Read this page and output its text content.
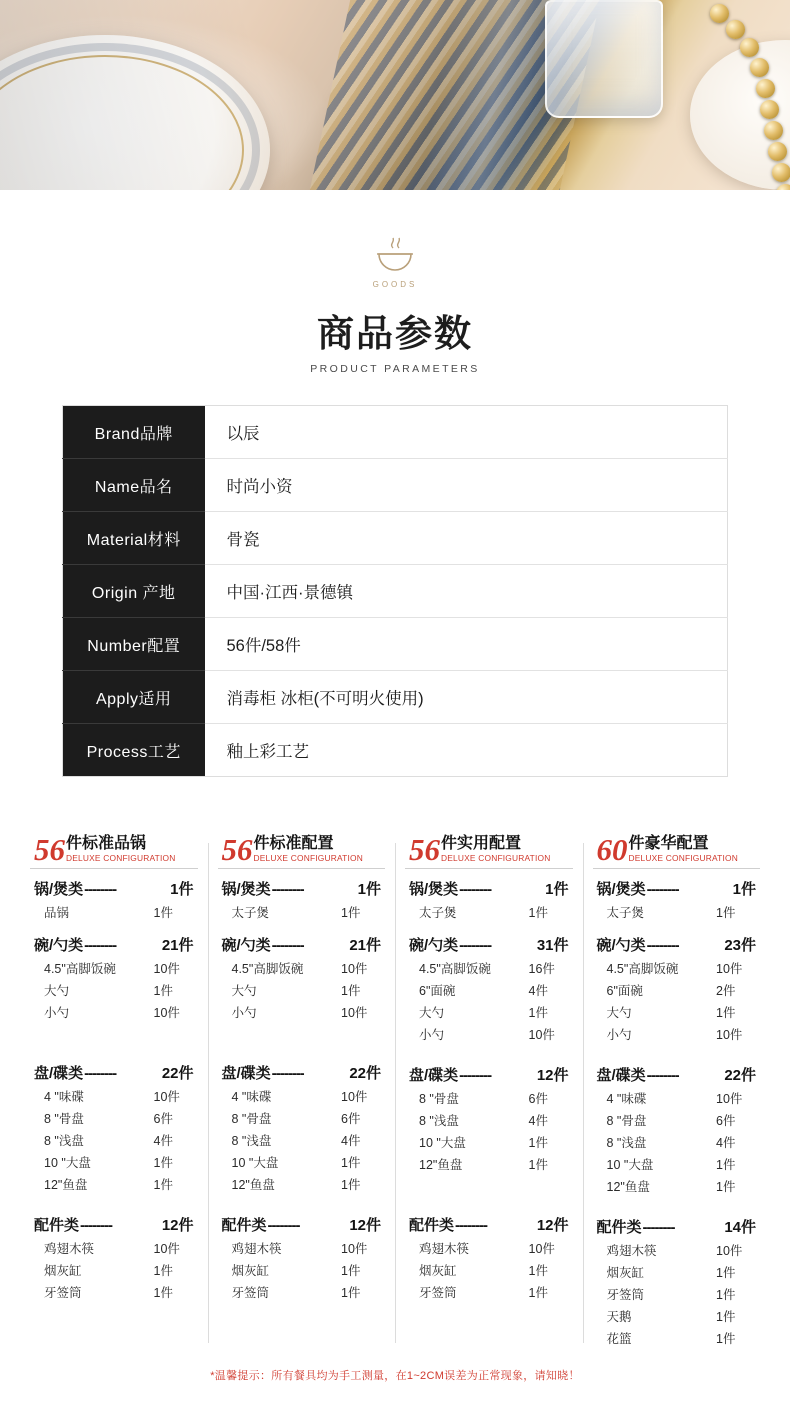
GOODS
商品参数
PRODUCT PARAMETERS
Brand品牌	以辰
Name品名	时尚小资
Material材料	骨瓷
Origin 产地	中国·江西·景德镇
Number配置	56件/58件
Apply适用	消毒柜 冰柜(不可明火使用)
Process工艺	釉上彩工艺
56 件标准品锅
DELUXE CONFIGURATION
锅/煲类 --------	1件
品锅	1件
碗/勺类 --------	21件
4.5"高脚饭碗	10件
大勺	1件
小勺	10件
盘/碟类 --------	22件
4 "味碟	10件
8 "骨盘	6件
8 "浅盘	4件
10 "大盘	1件
12"鱼盘	1件
配件类 --------	12件
鸡翅木筷	10件
烟灰缸	1件
牙签筒	1件
56 件标准配置
DELUXE CONFIGURATION
锅/煲类 --------	1件
太子煲	1件
碗/勺类 --------	21件
4.5"高脚饭碗	10件
大勺	1件
小勺	10件
盘/碟类 --------	22件
4 "味碟	10件
8 "骨盘	6件
8 "浅盘	4件
10 "大盘	1件
12"鱼盘	1件
配件类 --------	12件
鸡翅木筷	10件
烟灰缸	1件
牙签筒	1件
56 件实用配置
DELUXE CONFIGURATION
锅/煲类 --------	1件
太子煲	1件
碗/勺类 --------	31件
4.5"高脚饭碗	16件
6"面碗	4件
大勺	1件
小勺	10件
盘/碟类 --------	12件
8 "骨盘	6件
8 "浅盘	4件
10 "大盘	1件
12"鱼盘	1件
配件类 --------	12件
鸡翅木筷	10件
烟灰缸	1件
牙签筒	1件
60 件豪华配置
DELUXE CONFIGURATION
锅/煲类 --------	1件
太子煲	1件
碗/勺类 --------	23件
4.5"高脚饭碗	10件
6"面碗	2件
大勺	1件
小勺	10件
盘/碟类 --------	22件
4 "味碟	10件
8 "骨盘	6件
8 "浅盘	4件
10 "大盘	1件
12"鱼盘	1件
配件类 --------	14件
鸡翅木筷	10件
烟灰缸	1件
牙签筒	1件
天鹅	1件
花篮	1件
*温馨提示：所有餐具均为手工测量，在1~2CM误差为正常现象，请知晓！
